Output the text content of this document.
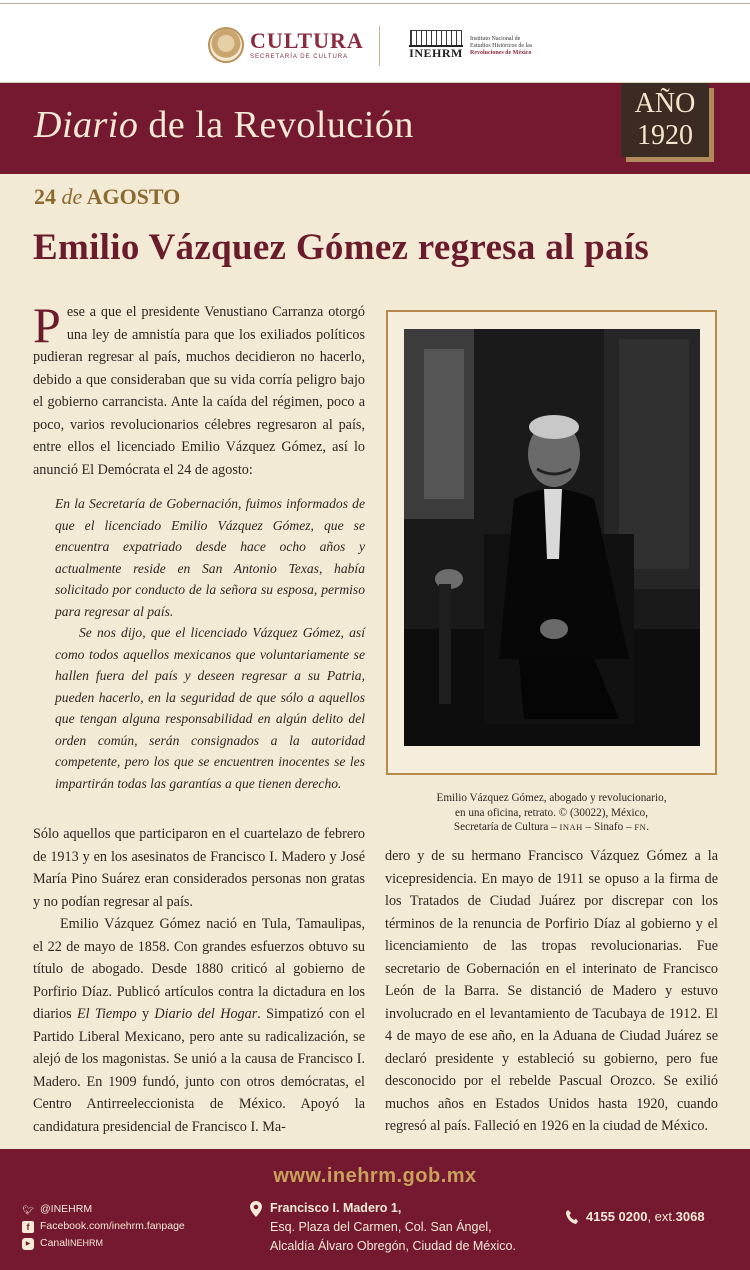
CULTURA
SECRETARÍA DE CULTURA	INEHRM
Instituto Nacional de
Estudios Históricos de las
Revoluciones de México
Diario de la Revolución
AÑO
1920
24 de AGOSTO
Emilio Vázquez Gómez regresa al país

Pese a que el presidente Venustiano Carranza otorgó una ley de amnistía para que los exiliados políticos pudieran regresar al país, muchos decidieron no hacerlo, debido a que consideraban que su vida corría peligro bajo el gobierno carrancista. Ante la caída del régimen, poco a poco, varios revolucionarios célebres regresaron al país, entre ellos el licenciado Emilio Vázquez Gómez, así lo anunció El Demócrata el 24 de agosto:

En la Secretaría de Gobernación, fuimos informados de que el licenciado Emilio Vázquez Gómez, que se encuentra expatriado desde hace ocho años y actualmente reside en San Antonio Texas, había solicitado por conducto de la señora su esposa, permiso para regresar al país.

Se nos dijo, que el licenciado Vázquez Gómez, así como todos aquellos mexicanos que voluntariamente se hallen fuera del país y deseen regresar a su Patria, pueden hacerlo, en la seguridad de que sólo a aquellos que tengan alguna responsabilidad en algún delito del orden común, serán consignados a la autoridad competente, pero los que se encuentren inocentes se les impartirán todas las garantías a que tienen derecho.

Sólo aquellos que participaron en el cuartelazo de febrero de 1913 y en los asesinatos de Francisco I. Madero y José María Pino Suárez eran considerados personas non gratas y no podían regresar al país.

Emilio Vázquez Gómez nació en Tula, Tamaulipas, el 22 de mayo de 1858. Con grandes esfuerzos obtuvo su título de abogado. Desde 1880 criticó al gobierno de Porfirio Díaz. Publicó artículos contra la dictadura en los diarios El Tiempo y Diario del Hogar. Simpatizó con el Partido Liberal Mexicano, pero ante su radicalización, se alejó de los magonistas. Se unió a la causa de Francisco I. Madero. En 1909 fundó, junto con otros demócratas, el Centro Antirreeleccionista de México. Apoyó la candidatura presidencial de Francisco I. Ma-

Emilio Vázquez Gómez, abogado y revolucionario,
en una oficina, retrato. © (30022), México,
Secretaría de Cultura – INAH – Sinafo – FN.

dero y de su hermano Francisco Vázquez Gómez a la vicepresidencia. En mayo de 1911 se opuso a la firma de los Tratados de Ciudad Juárez por discrepar con los términos de la renuncia de Porfirio Díaz al gobierno y el licenciamiento de las tropas revolucionarias. Fue secretario de Gobernación en el interinato de Francisco León de la Barra. Se distanció de Madero y estuvo involucrado en el levantamiento de Tacubaya de 1912. El 4 de mayo de ese año, en la Aduana de Ciudad Juárez se declaró presidente y estableció su gobierno, pero fue desconocido por el rebelde Pascual Orozco. Se exilió muchos años en Estados Unidos hasta 1920, cuando regresó al país. Falleció en 1926 en la ciudad de México.

www.inehrm.gob.mx
🐦︎ @INEHRM
f	Facebook.com/inehrm.fanpage
▶ Canal INEHRM
Francisco I. Madero 1,
Esq. Plaza del Carmen, Col. San Ángel,
Alcaldía Álvaro Obregón, Ciudad de México.
4155 0200 , ext. 3068
